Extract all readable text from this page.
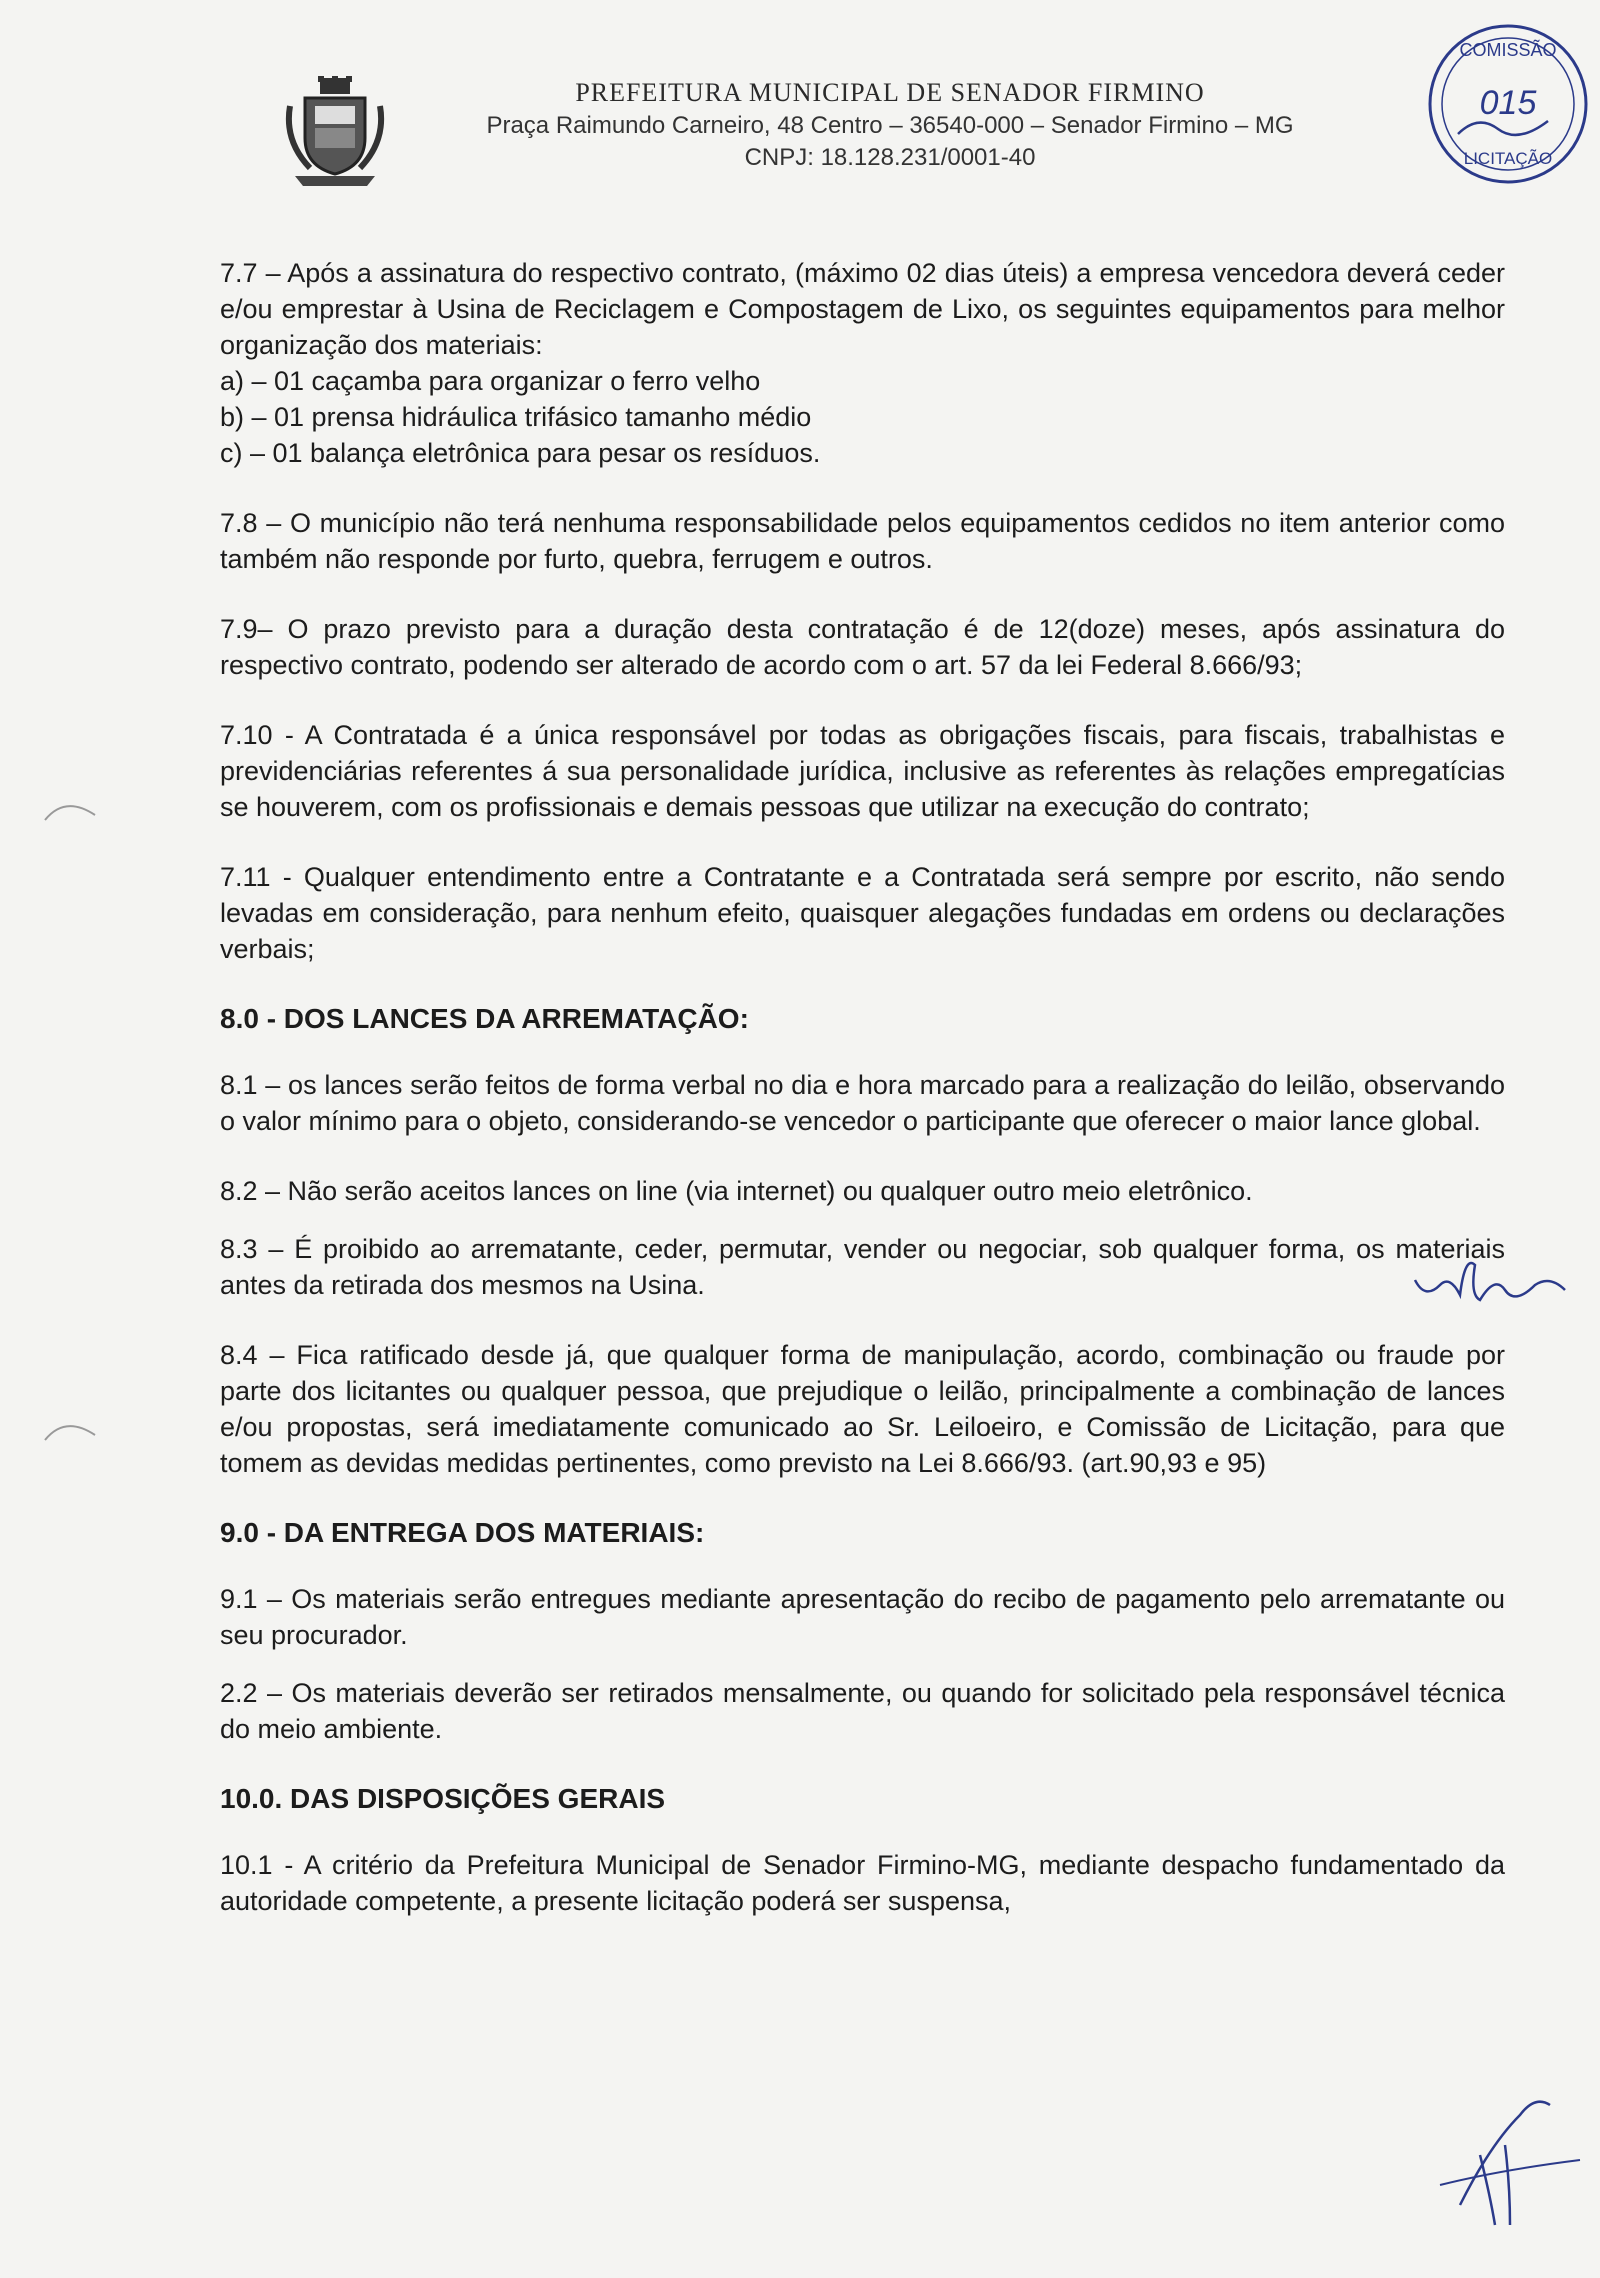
PREFEITURA MUNICIPAL DE SENADOR FIRMINO
Praça Raimundo Carneiro, 48 Centro – 36540-000 – Senador Firmino – MG
CNPJ: 18.128.231/0001-40
COMISSÃO
015
LICITAÇÃO
7.7 – Após a assinatura do respectivo contrato, (máximo 02 dias úteis) a empresa vencedora deverá ceder e/ou emprestar à Usina de Reciclagem e Compostagem de Lixo, os seguintes equipamentos para melhor organização dos materiais:
a) – 01 caçamba para organizar o ferro velho
b) – 01 prensa hidráulica trifásico tamanho médio
c) – 01 balança eletrônica para pesar os resíduos.
7.8 – O município não terá nenhuma responsabilidade pelos equipamentos cedidos no item anterior como também não responde por furto, quebra, ferrugem e outros.
7.9– O prazo previsto para a duração desta contratação é de 12(doze) meses, após assinatura do respectivo contrato, podendo ser alterado de acordo com o art. 57 da lei Federal 8.666/93;
7.10 - A Contratada é a única responsável por todas as obrigações fiscais, para fiscais, trabalhistas e previdenciárias referentes á sua personalidade jurídica, inclusive as referentes às relações empregatícias se houverem, com os profissionais e demais pessoas que utilizar na execução do contrato;
7.11 - Qualquer entendimento entre a Contratante e a Contratada será sempre por escrito, não sendo levadas em consideração, para nenhum efeito, quaisquer alegações fundadas em ordens ou declarações verbais;
8.0 - DOS LANCES DA ARREMATAÇÃO:
8.1 – os lances serão feitos de forma verbal no dia e hora marcado para a realização do leilão, observando o valor mínimo para o objeto, considerando-se vencedor o participante que oferecer o maior lance global.
8.2 – Não serão aceitos lances on line (via internet) ou qualquer outro meio eletrônico.
8.3 – É proibido ao arrematante, ceder, permutar, vender ou negociar, sob qualquer forma, os materiais antes da retirada dos mesmos na Usina.
8.4 – Fica ratificado desde já, que qualquer forma de manipulação, acordo, combinação ou fraude por parte dos licitantes ou qualquer pessoa, que prejudique o leilão, principalmente a combinação de lances e/ou propostas, será imediatamente comunicado ao Sr. Leiloeiro, e Comissão de Licitação, para que tomem as devidas medidas pertinentes, como previsto na Lei 8.666/93. (art.90,93 e 95)
9.0 - DA ENTREGA DOS MATERIAIS:
9.1 – Os materiais serão entregues mediante apresentação do recibo de pagamento pelo arrematante ou seu procurador.
2.2 – Os materiais deverão ser retirados mensalmente, ou quando for solicitado pela responsável técnica do meio ambiente.
10.0. DAS DISPOSIÇÕES GERAIS
10.1 - A critério da Prefeitura Municipal de Senador Firmino-MG, mediante despacho fundamentado da autoridade competente, a presente licitação poderá ser suspensa,
